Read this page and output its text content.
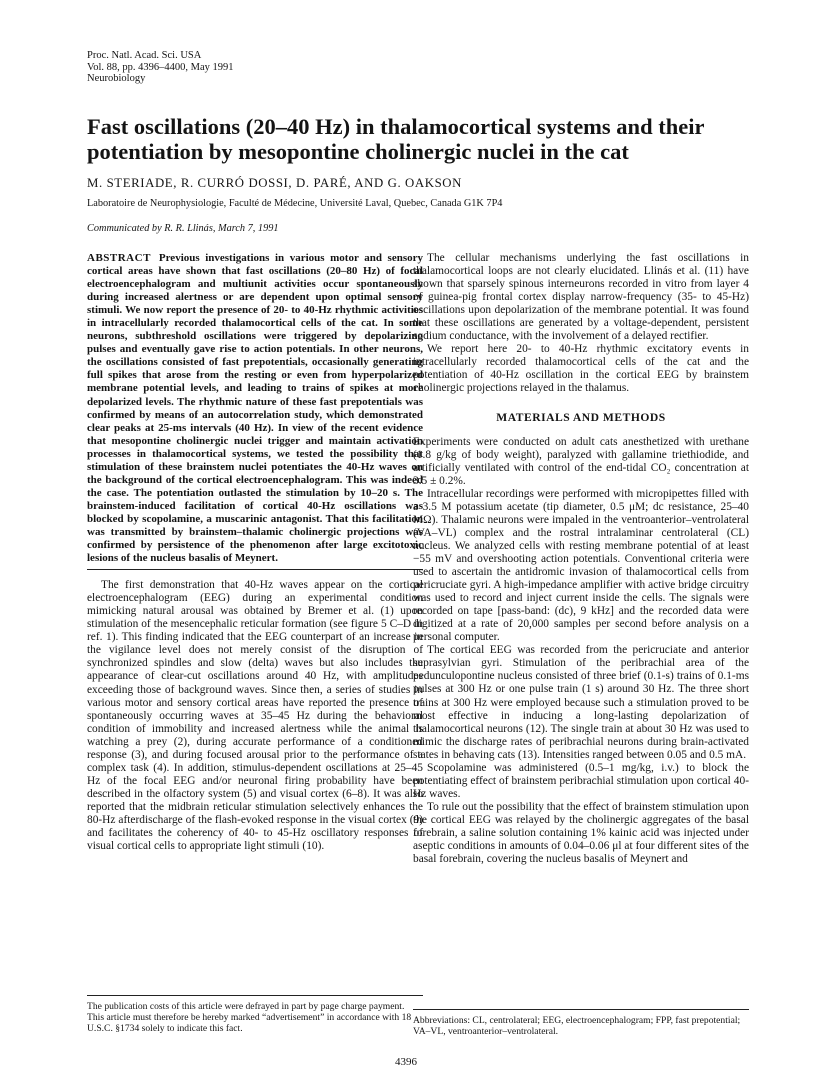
Proc. Natl. Acad. Sci. USA
Vol. 88, pp. 4396–4400, May 1991
Neurobiology
Fast oscillations (20–40 Hz) in thalamocortical systems and their potentiation by mesopontine cholinergic nuclei in the cat
M. STERIADE, R. CURRÓ DOSSI, D. PARÉ, AND G. OAKSON
Laboratoire de Neurophysiologie, Faculté de Médecine, Université Laval, Quebec, Canada G1K 7P4
Communicated by R. R. Llinás, March 7, 1991

ABSTRACT Previous investigations in various motor and sensory cortical areas have shown that fast oscillations (20–80 Hz) of focal electroencephalogram and multiunit activities occur spontaneously during increased alertness or are dependent upon optimal sensory stimuli. We now report the presence of 20- to 40-Hz rhythmic activities in intracellularly recorded thalamocortical cells of the cat. In some neurons, subthreshold oscillations were triggered by depolarizing pulses and eventually gave rise to action potentials. In other neurons, the oscillations consisted of fast prepotentials, occasionally generating full spikes that arose from the resting or even from hyperpolarized membrane potential levels, and leading to trains of spikes at more depolarized levels. The rhythmic nature of these fast prepotentials was confirmed by means of an autocorrelation study, which demonstrated clear peaks at 25-ms intervals (40 Hz). In view of the recent evidence that mesopontine cholinergic nuclei trigger and maintain activation processes in thalamocortical systems, we tested the possibility that stimulation of these brainstem nuclei potentiates the 40-Hz waves on the background of the cortical electroencephalogram. This was indeed the case. The potentiation outlasted the stimulation by 10–20 s. The brainstem-induced facilitation of cortical 40-Hz oscillations was blocked by scopolamine, a muscarinic antagonist. That this facilitation was transmitted by brainstem–thalamic cholinergic projections was confirmed by persistence of the phenomenon after large excitotoxic lesions of the nucleus basalis of Meynert.

The first demonstration that 40-Hz waves appear on the cortical electroencephalogram (EEG) during an experimental condition mimicking natural arousal was obtained by Bremer et al. (1) upon stimulation of the mesencephalic reticular formation (see figure 5 C–D in ref. 1). This finding indicated that the EEG counterpart of an increase in the vigilance level does not merely consist of the disruption of synchronized spindles and slow (delta) waves but also includes the appearance of clear-cut oscillations around 40 Hz, with amplitudes exceeding those of background waves. Since then, a series of studies in various motor and sensory cortical areas have reported the presence of spontaneously occurring waves at 35–45 Hz during the behavioral condition of immobility and increased alertness while the animal is watching a prey (2), during accurate performance of a conditioned response (3), and during focused arousal prior to the performance of a complex task (4). In addition, stimulus-dependent oscillations at 25–45 Hz of the focal EEG and/or neuronal firing probability have been described in the olfactory system (5) and visual cortex (6–8). It was also reported that the midbrain reticular stimulation selectively enhances the 80-Hz afterdischarge of the flash-evoked response in the visual cortex (9) and facilitates the coherency of 40- to 45-Hz oscillatory responses of visual cortical cells to appropriate light stimuli (10).

The cellular mechanisms underlying the fast oscillations in thalamocortical loops are not clearly elucidated. Llinás et al. (11) have shown that sparsely spinous interneurons recorded in vitro from layer 4 of guinea-pig frontal cortex display narrow-frequency (35- to 45-Hz) oscillations upon depolarization of the membrane potential. It was found that these oscillations are generated by a voltage-dependent, persistent sodium conductance, with the involvement of a delayed rectifier.

We report here 20- to 40-Hz rhythmic excitatory events in intracellularly recorded thalamocortical cells of the cat and the potentiation of 40-Hz oscillation in the cortical EEG by brainstem cholinergic projections relayed in the thalamus.

MATERIALS AND METHODS

Experiments were conducted on adult cats anesthetized with urethane (1.8 g/kg of body weight), paralyzed with gallamine triethiodide, and artificially ventilated with control of the end-tidal CO₂ concentration at 3.5 ± 0.2%.

Intracellular recordings were performed with micropipettes filled with a 3.5 M potassium acetate (tip diameter, 0.5 μM; dc resistance, 25–40 MΩ). Thalamic neurons were impaled in the ventroanterior–ventrolateral (VA–VL) complex and the rostral intralaminar centrolateral (CL) nucleus. We analyzed cells with resting membrane potential of at least −55 mV and overshooting action potentials. Conventional criteria were used to ascertain the antidromic invasion of thalamocortical cells from pericruciate gyri. A high-impedance amplifier with active bridge circuitry was used to record and inject current inside the cells. The signals were recorded on tape [pass-band: (dc), 9 kHz] and the recorded data were digitized at a rate of 20,000 samples per second before analysis on a personal computer.

The cortical EEG was recorded from the pericruciate and anterior suprasylvian gyri. Stimulation of the peribrachial area of the pedunculopontine nucleus consisted of three brief (0.1-s) trains of 0.1-ms pulses at 300 Hz or one pulse train (1 s) around 30 Hz. The three short trains at 300 Hz were employed because such a stimulation proved to be most effective in inducing a long-lasting depolarization of thalamocortical neurons (12). The single train at about 30 Hz was used to mimic the discharge rates of peribrachial neurons during brain-activated states in behaving cats (13). Intensities ranged between 0.05 and 0.5 mA.

Scopolamine was administered (0.5–1 mg/kg, i.v.) to block the potentiating effect of brainstem peribrachial stimulation upon cortical 40-Hz waves.

To rule out the possibility that the effect of brainstem stimulation upon the cortical EEG was relayed by the cholinergic aggregates of the basal forebrain, a saline solution containing 1% kainic acid was injected under aseptic conditions in amounts of 0.04–0.06 μl at four different sites of the basal forebrain, covering the nucleus basalis of Meynert and

The publication costs of this article were defrayed in part by page charge payment. This article must therefore be hereby marked “advertisement” in accordance with 18 U.S.C. §1734 solely to indicate this fact.
Abbreviations: CL, centrolateral; EEG, electroencephalogram; FPP, fast prepotential; VA–VL, ventroanterior–ventrolateral.
4396
